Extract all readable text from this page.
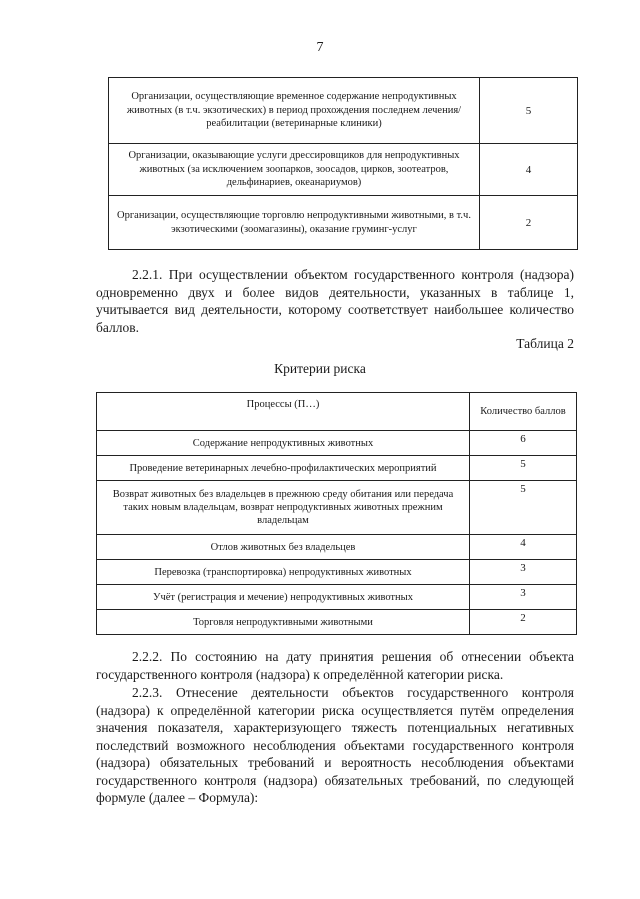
7
Организации, осуществляющие временное содержание непродуктивных животных (в т.ч. экзотических) в период прохождения последнем лечения/реабилитации (ветеринарные клиники)	5
Организации, оказывающие услуги дрессировщиков для непродуктивных животных (за исключением зоопарков, зоосадов, цирков, зоотеатров, дельфинариев, океанариумов)	4
Организации, осуществляющие торговлю непродуктивными животными, в т.ч. экзотическими (зоомагазины), оказание груминг-услуг	2
2.2.1. При осуществлении объектом государственного контроля (надзора) одновременно двух и более видов деятельности, указанных в таблице 1, учитывается вид деятельности, которому соответствует наибольшее количество баллов.
Таблица 2
Критерии риска
Процессы (П…)	Количество баллов
Содержание непродуктивных животных	6
Проведение ветеринарных лечебно-профилактических мероприятий	5
Возврат животных без владельцев в прежнюю среду обитания или передача таких новым владельцам, возврат непродуктивных животных прежним владельцам	5
Отлов животных без владельцев	4
Перевозка (транспортировка) непродуктивных животных	3
Учёт (регистрация и мечение) непродуктивных животных	3
Торговля непродуктивными животными	2
2.2.2. По состоянию на дату принятия решения об отнесении объекта государственного контроля (надзора) к определённой категории риска.
2.2.3. Отнесение деятельности объектов государственного контроля (надзора) к определённой категории риска осуществляется путём определения значения показателя, характеризующего тяжесть потенциальных негативных последствий возможного несоблюдения объектами государственного контроля (надзора) обязательных требований и вероятность несоблюдения объектами государственного контроля (надзора) обязательных требований, по следующей формуле (далее – Формула):
